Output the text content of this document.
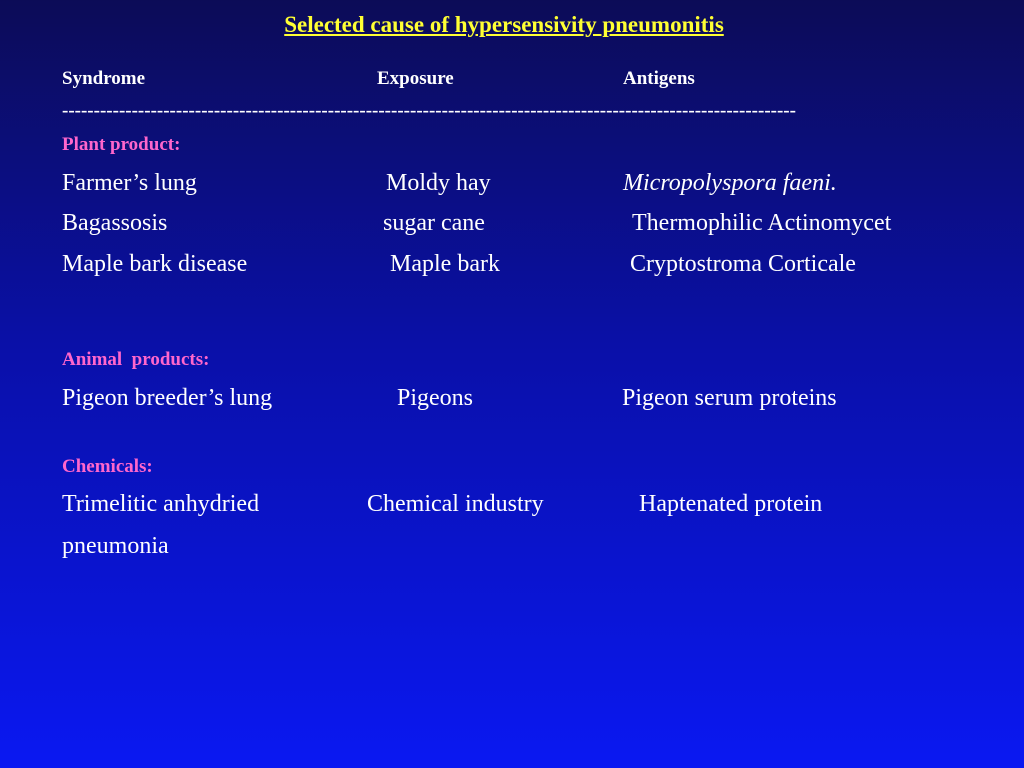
Selected cause of hypersensivity pneumonitis
Syndrome	Exposure	Antigens
--------------------------------------------------------------------------------------------------------------------
Plant product:
Farmer’s lung	Moldy hay	Micropolyspora faeni.
Bagassosis	sugar cane	Thermophilic Actinomycet
Maple bark disease	Maple bark	Cryptostroma Corticale
Animal  products:
Pigeon breeder’s lung	Pigeons	Pigeon serum proteins
Chemicals:
Trimelitic anhydried	Chemical industry	Haptenated protein
pneumonia
